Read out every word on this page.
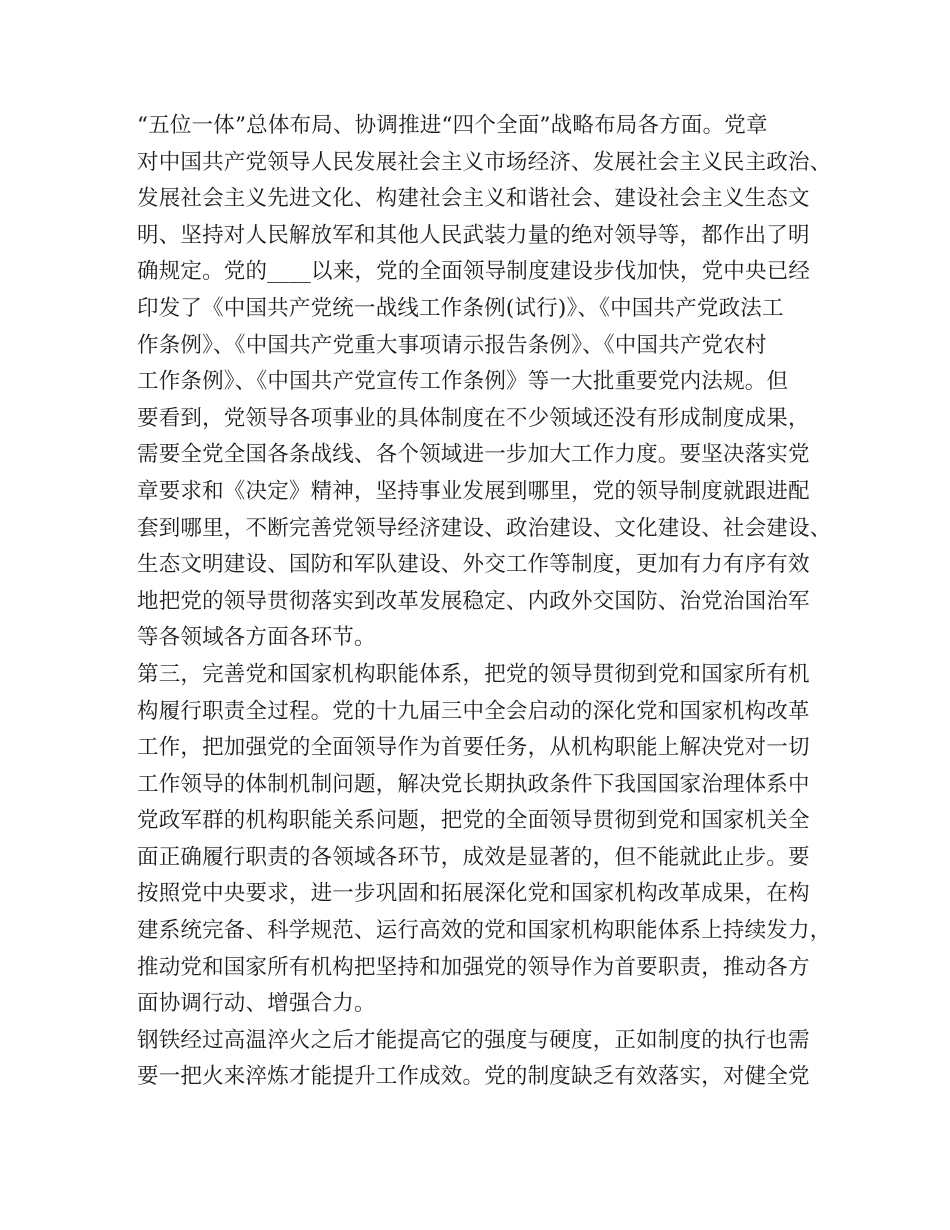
“五位一体”总体布局、协调推进“四个全面”战略布局各方面。党章
对中国共产党领导人民发展社会主义市场经济、发展社会主义民主政治、
发展社会主义先进文化、构建社会主义和谐社会、建设社会主义生态文
明、坚持对人民解放军和其他人民武装力量的绝对领导等，都作出了明
确规定。党的____以来，党的全面领导制度建设步伐加快，党中央已经
印发了《中国共产党统一战线工作条例(试行)》、《中国共产党政法工
作条例》、《中国共产党重大事项请示报告条例》、《中国共产党农村
工作条例》、《中国共产党宣传工作条例》等一大批重要党内法规。但
要看到，党领导各项事业的具体制度在不少领域还没有形成制度成果，
需要全党全国各条战线、各个领域进一步加大工作力度。要坚决落实党
章要求和《决定》精神，坚持事业发展到哪里，党的领导制度就跟进配
套到哪里，不断完善党领导经济建设、政治建设、文化建设、社会建设、
生态文明建设、国防和军队建设、外交工作等制度，更加有力有序有效
地把党的领导贯彻落实到改革发展稳定、内政外交国防、治党治国治军
等各领域各方面各环节。
第三，完善党和国家机构职能体系，把党的领导贯彻到党和国家所有机
构履行职责全过程。党的十九届三中全会启动的深化党和国家机构改革
工作，把加强党的全面领导作为首要任务，从机构职能上解决党对一切
工作领导的体制机制问题，解决党长期执政条件下我国国家治理体系中
党政军群的机构职能关系问题，把党的全面领导贯彻到党和国家机关全
面正确履行职责的各领域各环节，成效是显著的，但不能就此止步。要
按照党中央要求，进一步巩固和拓展深化党和国家机构改革成果，在构
建系统完备、科学规范、运行高效的党和国家机构职能体系上持续发力，
推动党和国家所有机构把坚持和加强党的领导作为首要职责，推动各方
面协调行动、增强合力。
钢铁经过高温淬火之后才能提高它的强度与硬度，正如制度的执行也需
要一把火来淬炼才能提升工作成效。党的制度缺乏有效落实，对健全党
